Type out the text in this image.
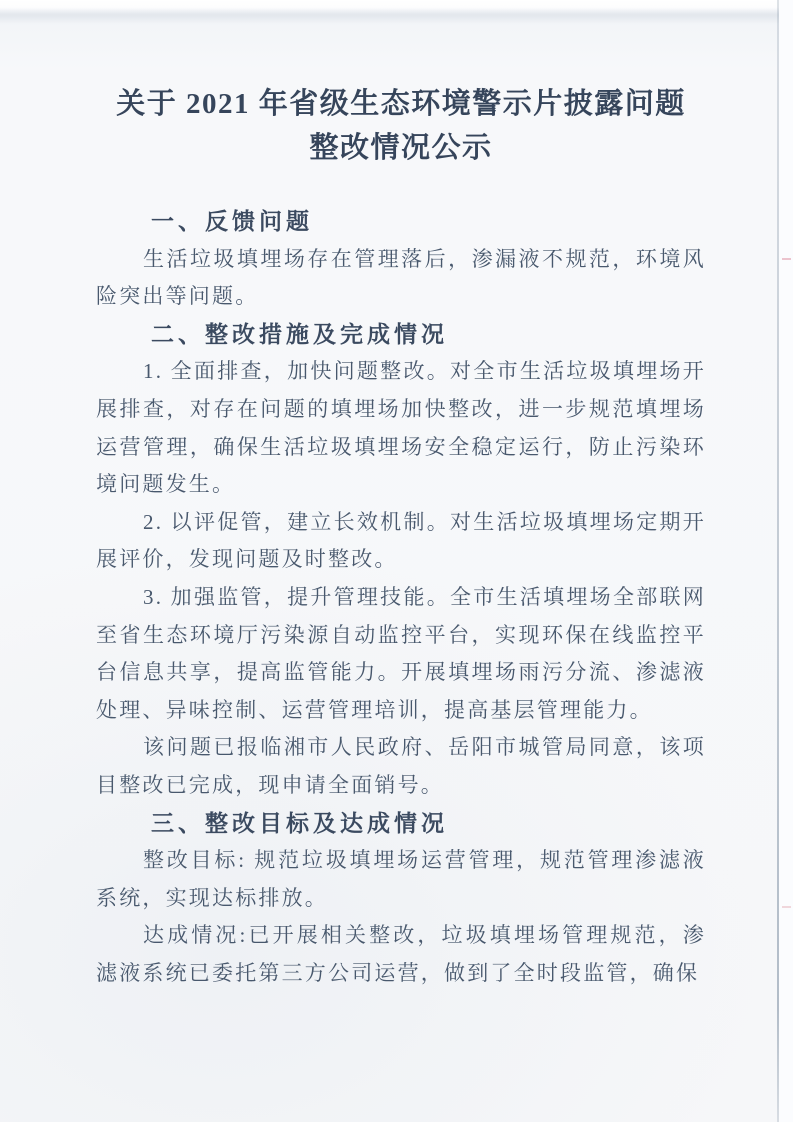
关于 2021 年省级生态环境警示片披露问题
整改情况公示

一、反馈问题

生活垃圾填埋场存在管理落后，渗漏液不规范，环境风险突出等问题。

二、整改措施及完成情况

1. 全面排查，加快问题整改。对全市生活垃圾填埋场开展排查，对存在问题的填埋场加快整改，进一步规范填埋场运营管理，确保生活垃圾填埋场安全稳定运行，防止污染环境问题发生。

2. 以评促管，建立长效机制。对生活垃圾填埋场定期开展评价，发现问题及时整改。

3. 加强监管，提升管理技能。全市生活填埋场全部联网至省生态环境厅污染源自动监控平台，实现环保在线监控平台信息共享，提高监管能力。开展填埋场雨污分流、渗滤液处理、异味控制、运营管理培训，提高基层管理能力。

该问题已报临湘市人民政府、岳阳市城管局同意，该项目整改已完成，现申请全面销号。

三、整改目标及达成情况

整改目标: 规范垃圾填埋场运营管理，规范管理渗滤液系统，实现达标排放。

达成情况:已开展相关整改，垃圾填埋场管理规范，渗滤液系统已委托第三方公司运营，做到了全时段监管，确保
